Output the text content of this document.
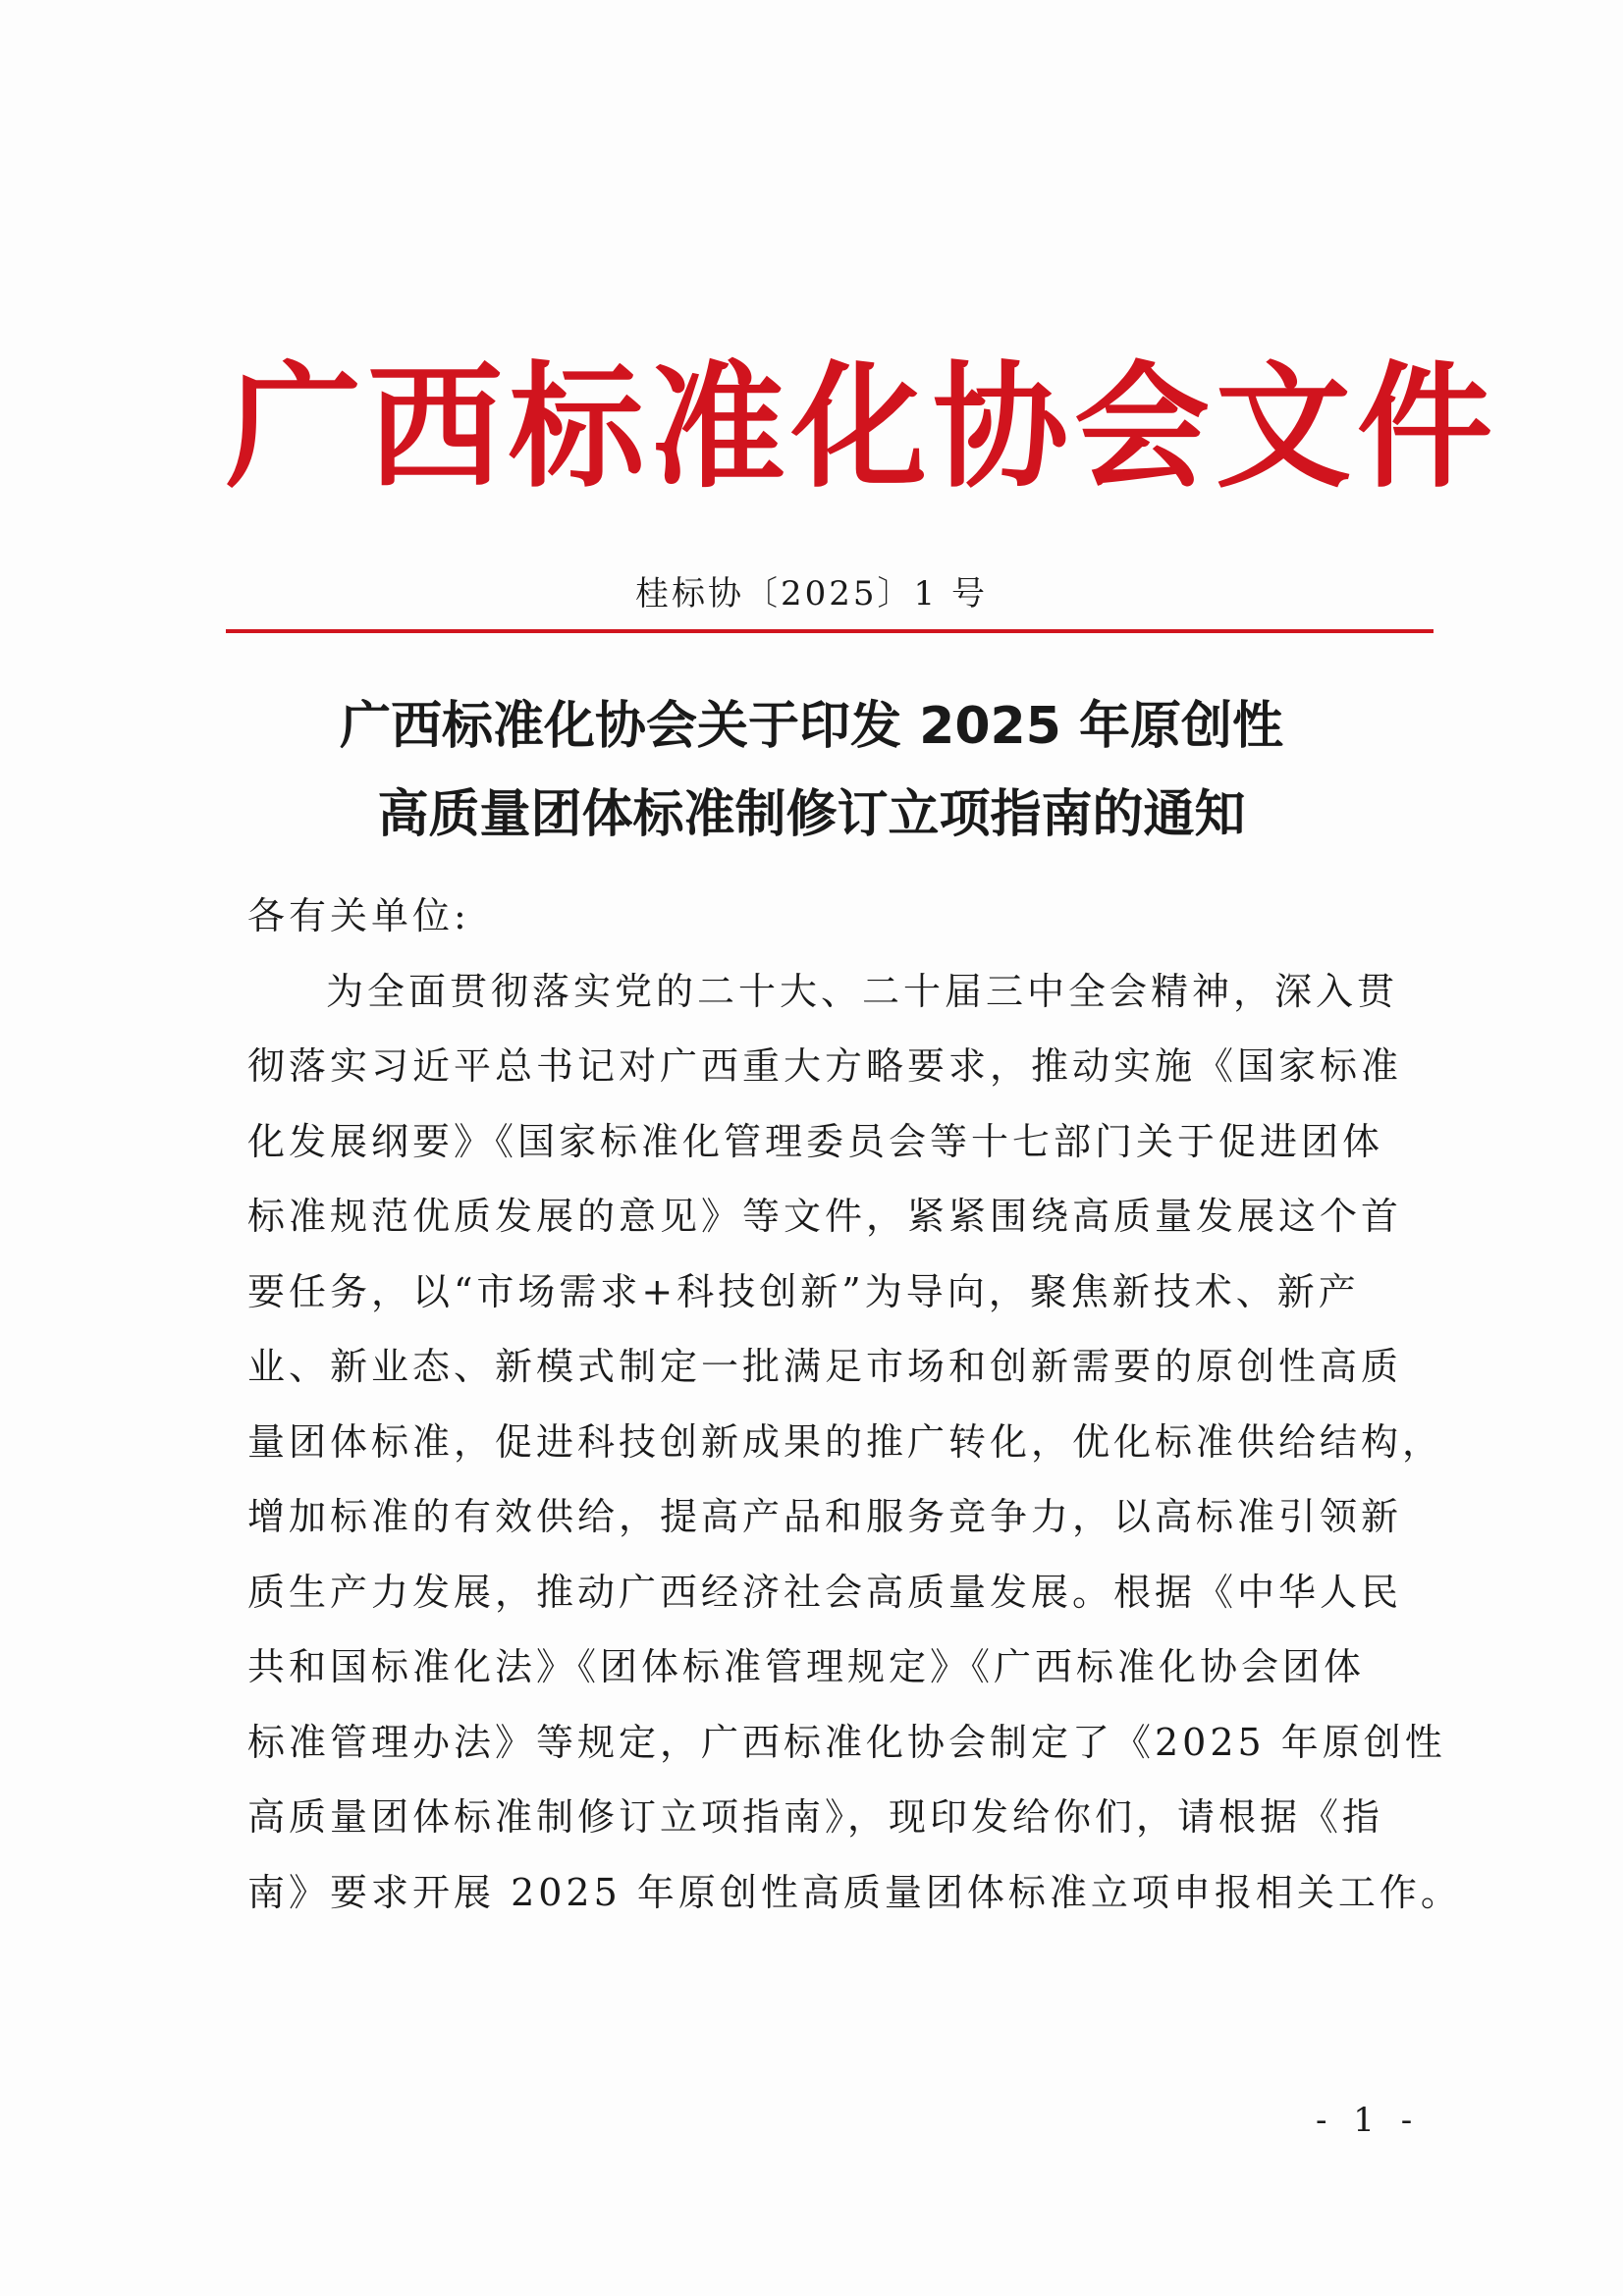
广西标准化协会文件
桂标协〔2025〕1 号
广西标准化协会关于印发 2025 年原创性
高质量团体标准制修订立项指南的通知
各有关单位:
为全面贯彻落实党的二十大、二十届三中全会精神，深入贯
彻落实习近平总书记对广西重大方略要求，推动实施《国家标准
化发展纲要》《国家标准化管理委员会等十七部门关于促进团体
标准规范优质发展的意见》等文件，紧紧围绕高质量发展这个首
要任务，以“市场需求+科技创新”为导向，聚焦新技术、新产
业、新业态、新模式制定一批满足市场和创新需要的原创性高质
量团体标准，促进科技创新成果的推广转化，优化标准供给结构，
增加标准的有效供给，提高产品和服务竞争力，以高标准引领新
质生产力发展，推动广西经济社会高质量发展。根据《中华人民
共和国标准化法》《团体标准管理规定》《广西标准化协会团体
标准管理办法》等规定，广西标准化协会制定了《2025 年原创性
高质量团体标准制修订立项指南》，现印发给你们，请根据《指
南》要求开展 2025 年原创性高质量团体标准立项申报相关工作。
- 1 -
